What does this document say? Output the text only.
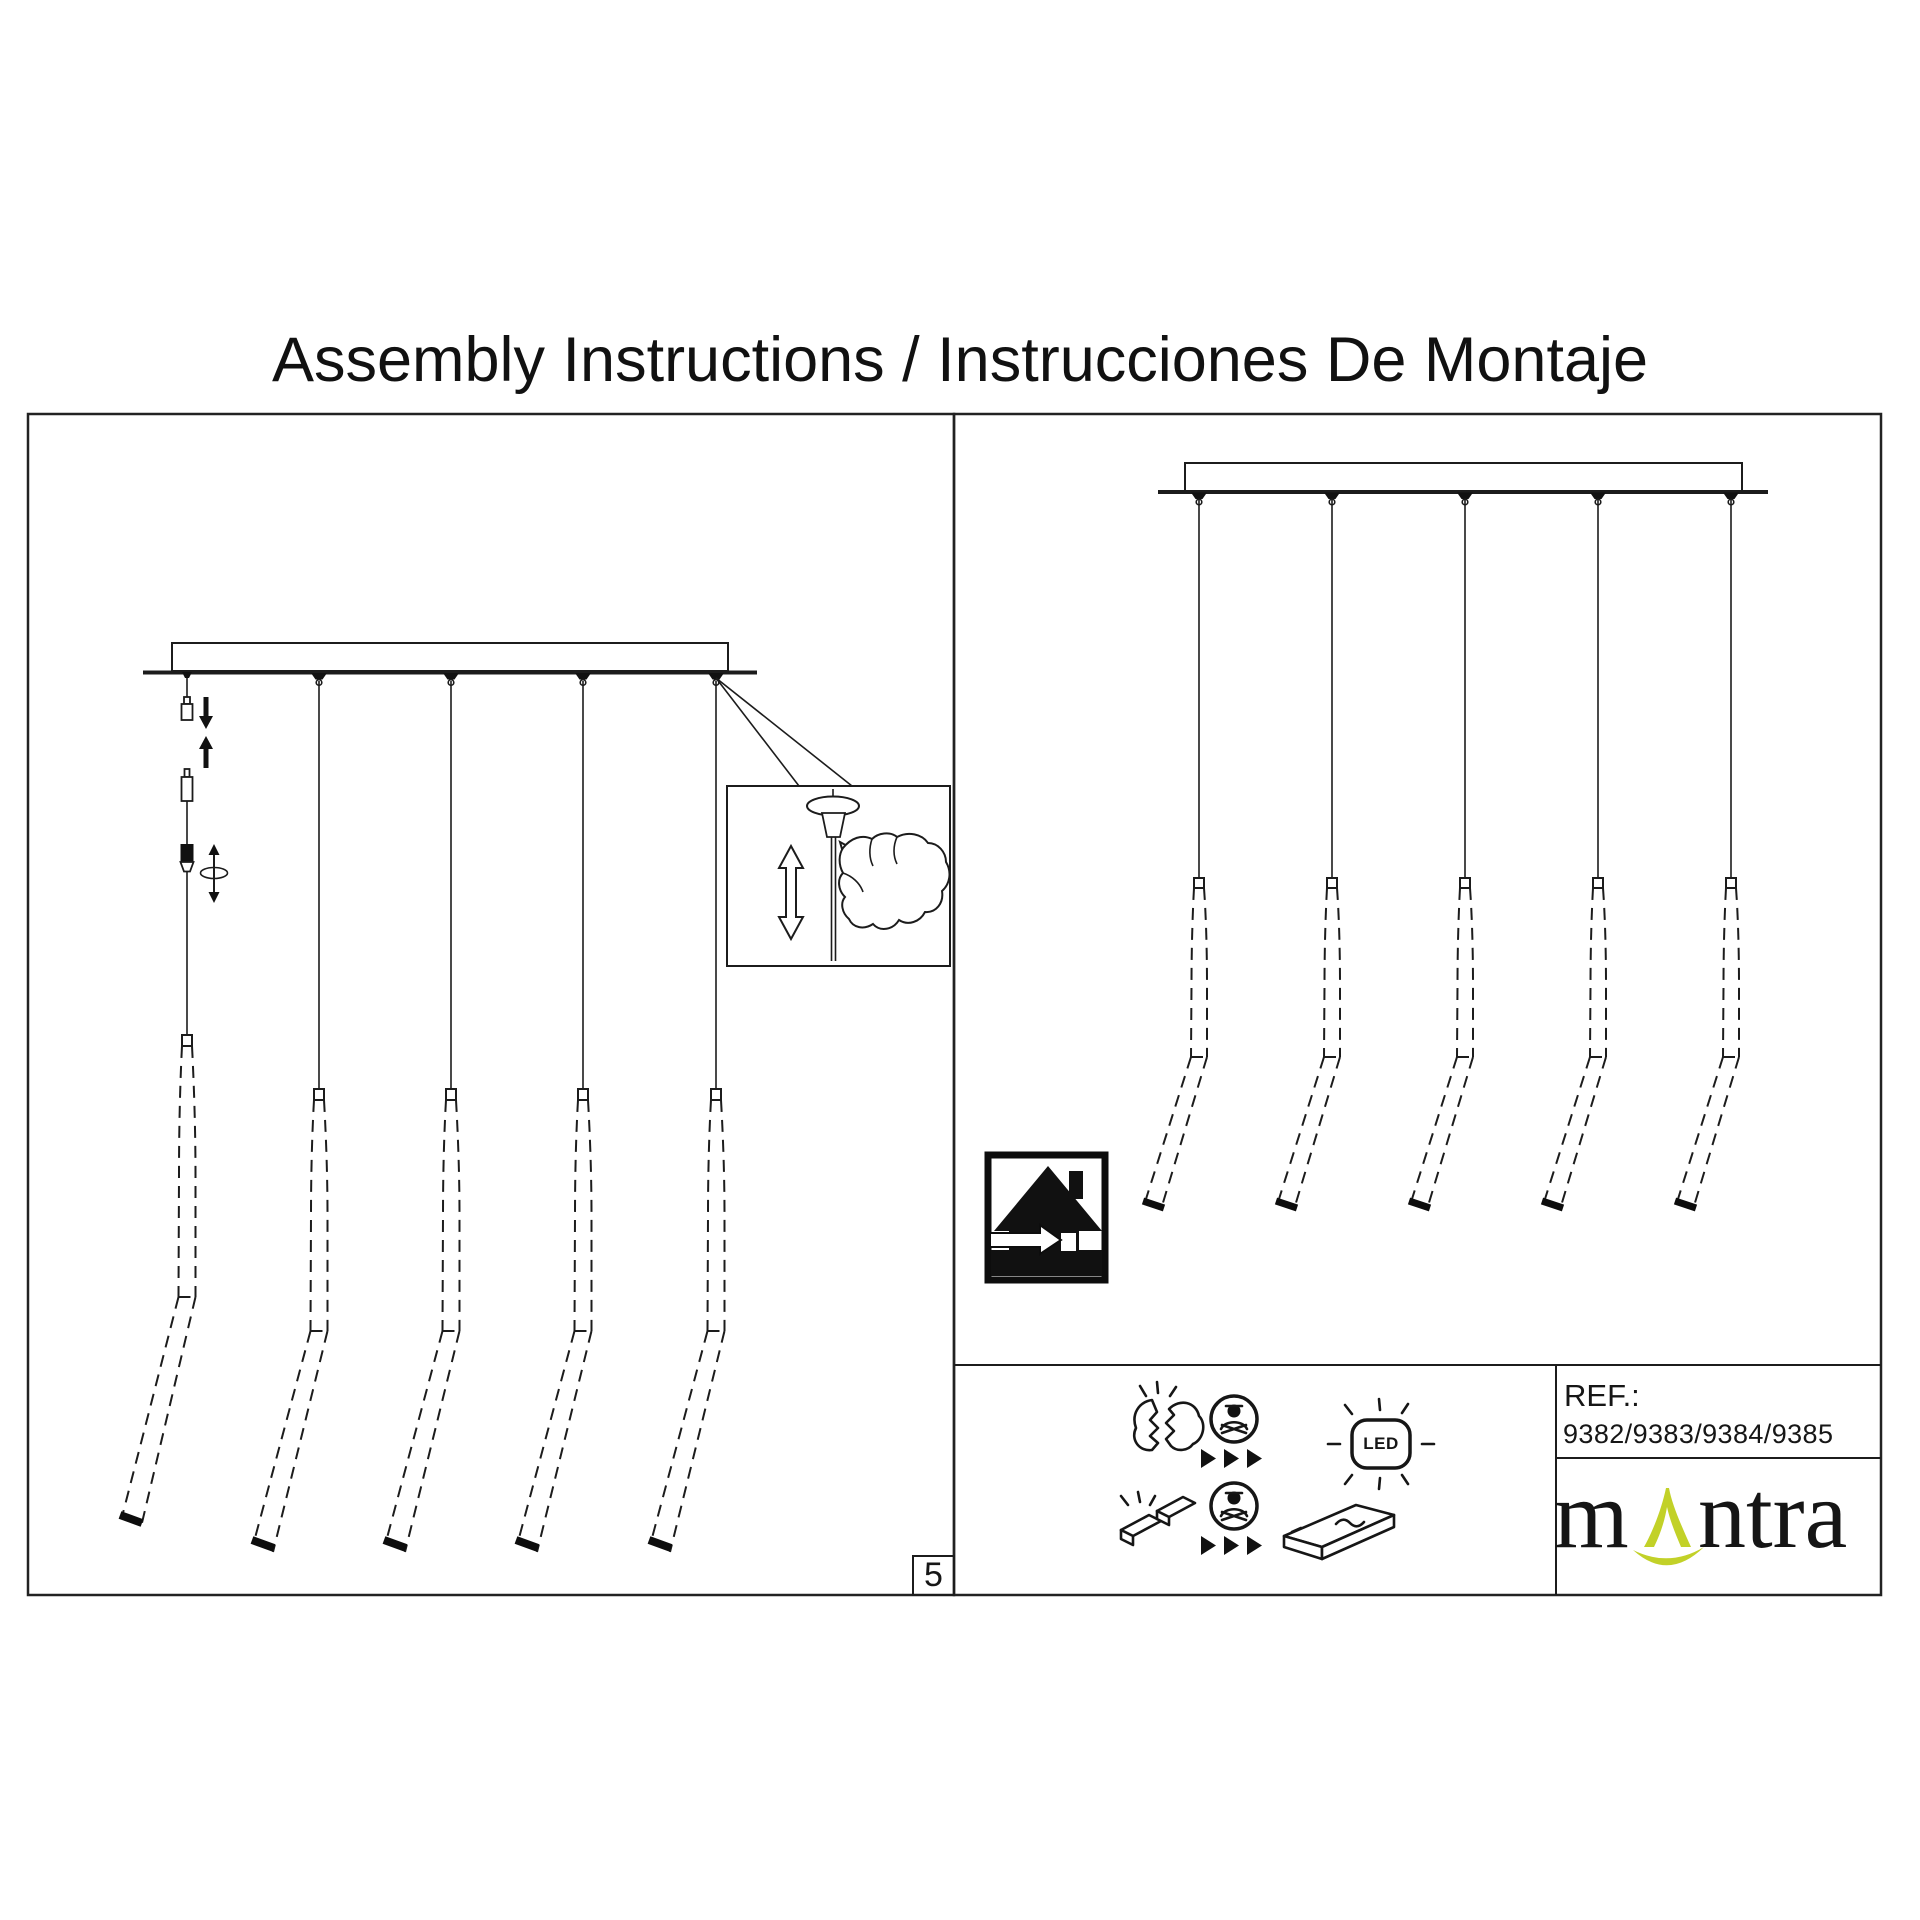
Assembly Instructions / Instrucciones De Montaje
REF.:
9382/9383/9384/9385
5
LED
m ntra
